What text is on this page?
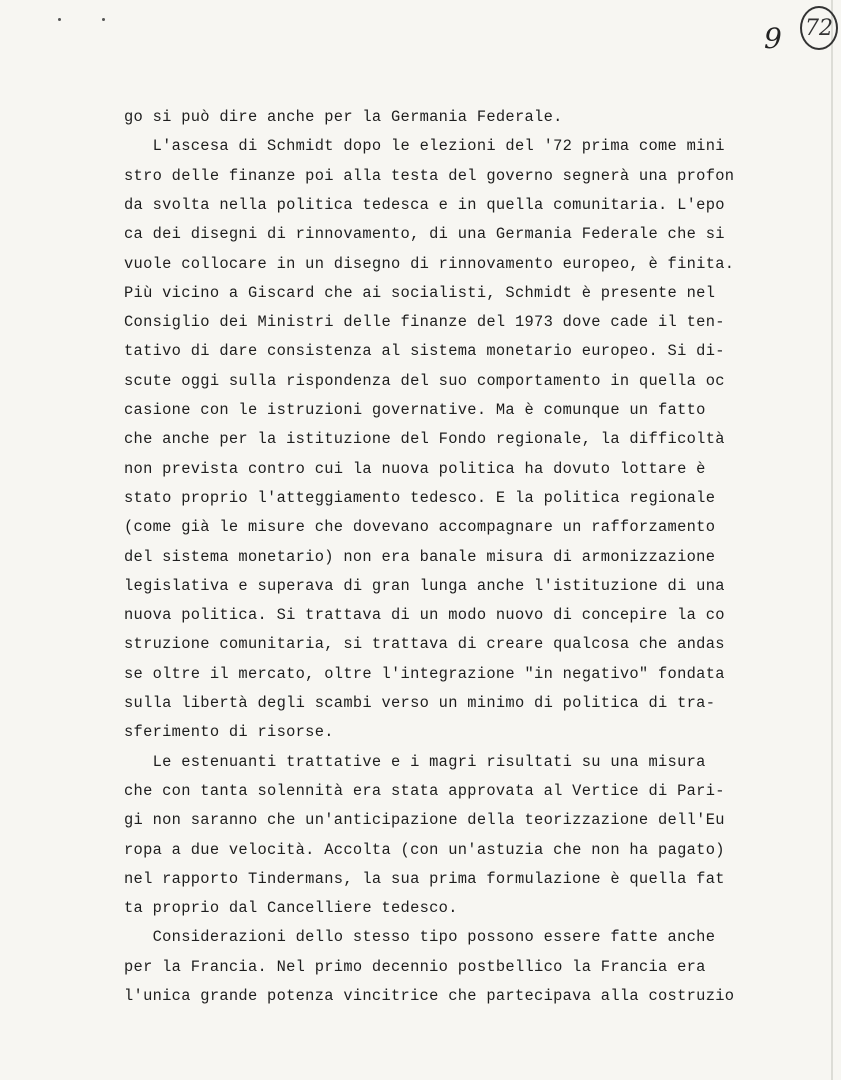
9 72
go si può dire anche per la Germania Federale.
L'ascesa di Schmidt dopo le elezioni del '72 prima come mini
stro delle finanze poi alla testa del governo segnerà una profon
da svolta nella politica tedesca e in quella comunitaria. L'epo
ca dei disegni di rinnovamento, di una Germania Federale che si
vuole collocare in un disegno di rinnovamento europeo, è finita.
Più vicino a Giscard che ai socialisti, Schmidt è presente nel
Consiglio dei Ministri delle finanze del 1973 dove cade il ten-
tativo di dare consistenza al sistema monetario europeo. Si di-
scute oggi sulla rispondenza del suo comportamento in quella oc
casione con le istruzioni governative. Ma è comunque un fatto
che anche per la istituzione del Fondo regionale, la difficoltà
non prevista contro cui la nuova politica ha dovuto lottare è
stato proprio l'atteggiamento tedesco. E la politica regionale
(come già le misure che dovevano accompagnare un rafforzamento
del sistema monetario) non era banale misura di armonizzazione
legislativa e superava di gran lunga anche l'istituzione di una
nuova politica. Si trattava di un modo nuovo di concepire la co
struzione comunitaria, si trattava di creare qualcosa che andas
se oltre il mercato, oltre l'integrazione "in negativo" fondata
sulla libertà degli scambi verso un minimo di politica di tra-
sferimento di risorse.
Le estenuanti trattative e i magri risultati su una misura
che con tanta solennità era stata approvata al Vertice di Pari-
gi non saranno che un'anticipazione della teorizzazione dell'Eu
ropa a due velocità. Accolta (con un'astuzia che non ha pagato)
nel rapporto Tindermans, la sua prima formulazione è quella fat
ta proprio dal Cancelliere tedesco.
Considerazioni dello stesso tipo possono essere fatte anche
per la Francia. Nel primo decennio postbellico la Francia era
l'unica grande potenza vincitrice che partecipava alla costruzio
